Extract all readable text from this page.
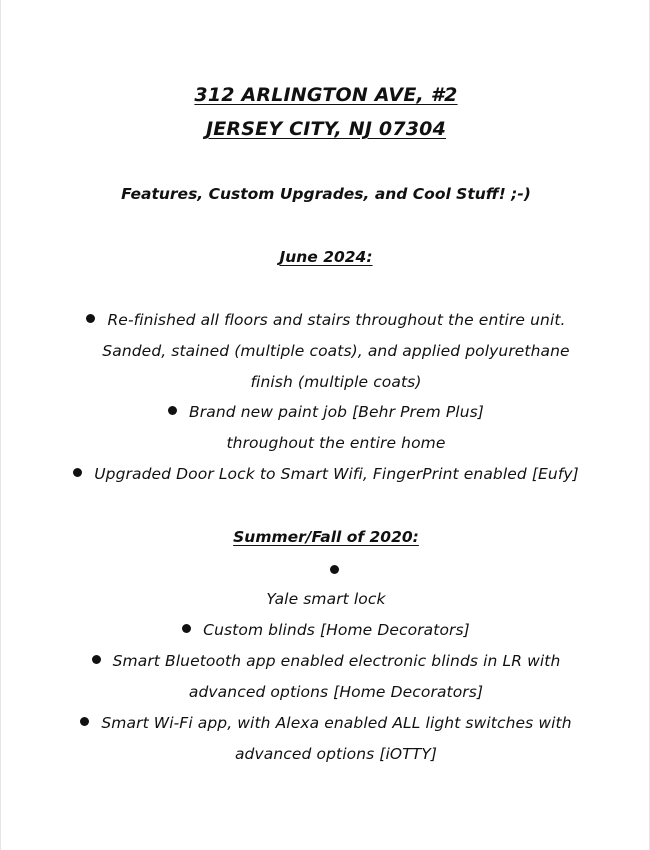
312 ARLINGTON AVE, #2
JERSEY CITY, NJ 07304
Features, Custom Upgrades, and Cool Stuff! ;-)
June 2024:
Re-finished all floors and stairs throughout the entire unit.
Sanded, stained (multiple coats), and applied polyurethane
finish (multiple coats)
Brand new paint job [Behr Prem Plus]
throughout the entire home
Upgraded Door Lock to Smart Wifi, FingerPrint enabled [Eufy]
Summer/Fall of 2020:
Yale smart lock
Custom blinds [Home Decorators]
Smart Bluetooth app enabled electronic blinds in LR with
advanced options [Home Decorators]
Smart Wi-Fi app, with Alexa enabled ALL light switches with
advanced options [iOTTY]
